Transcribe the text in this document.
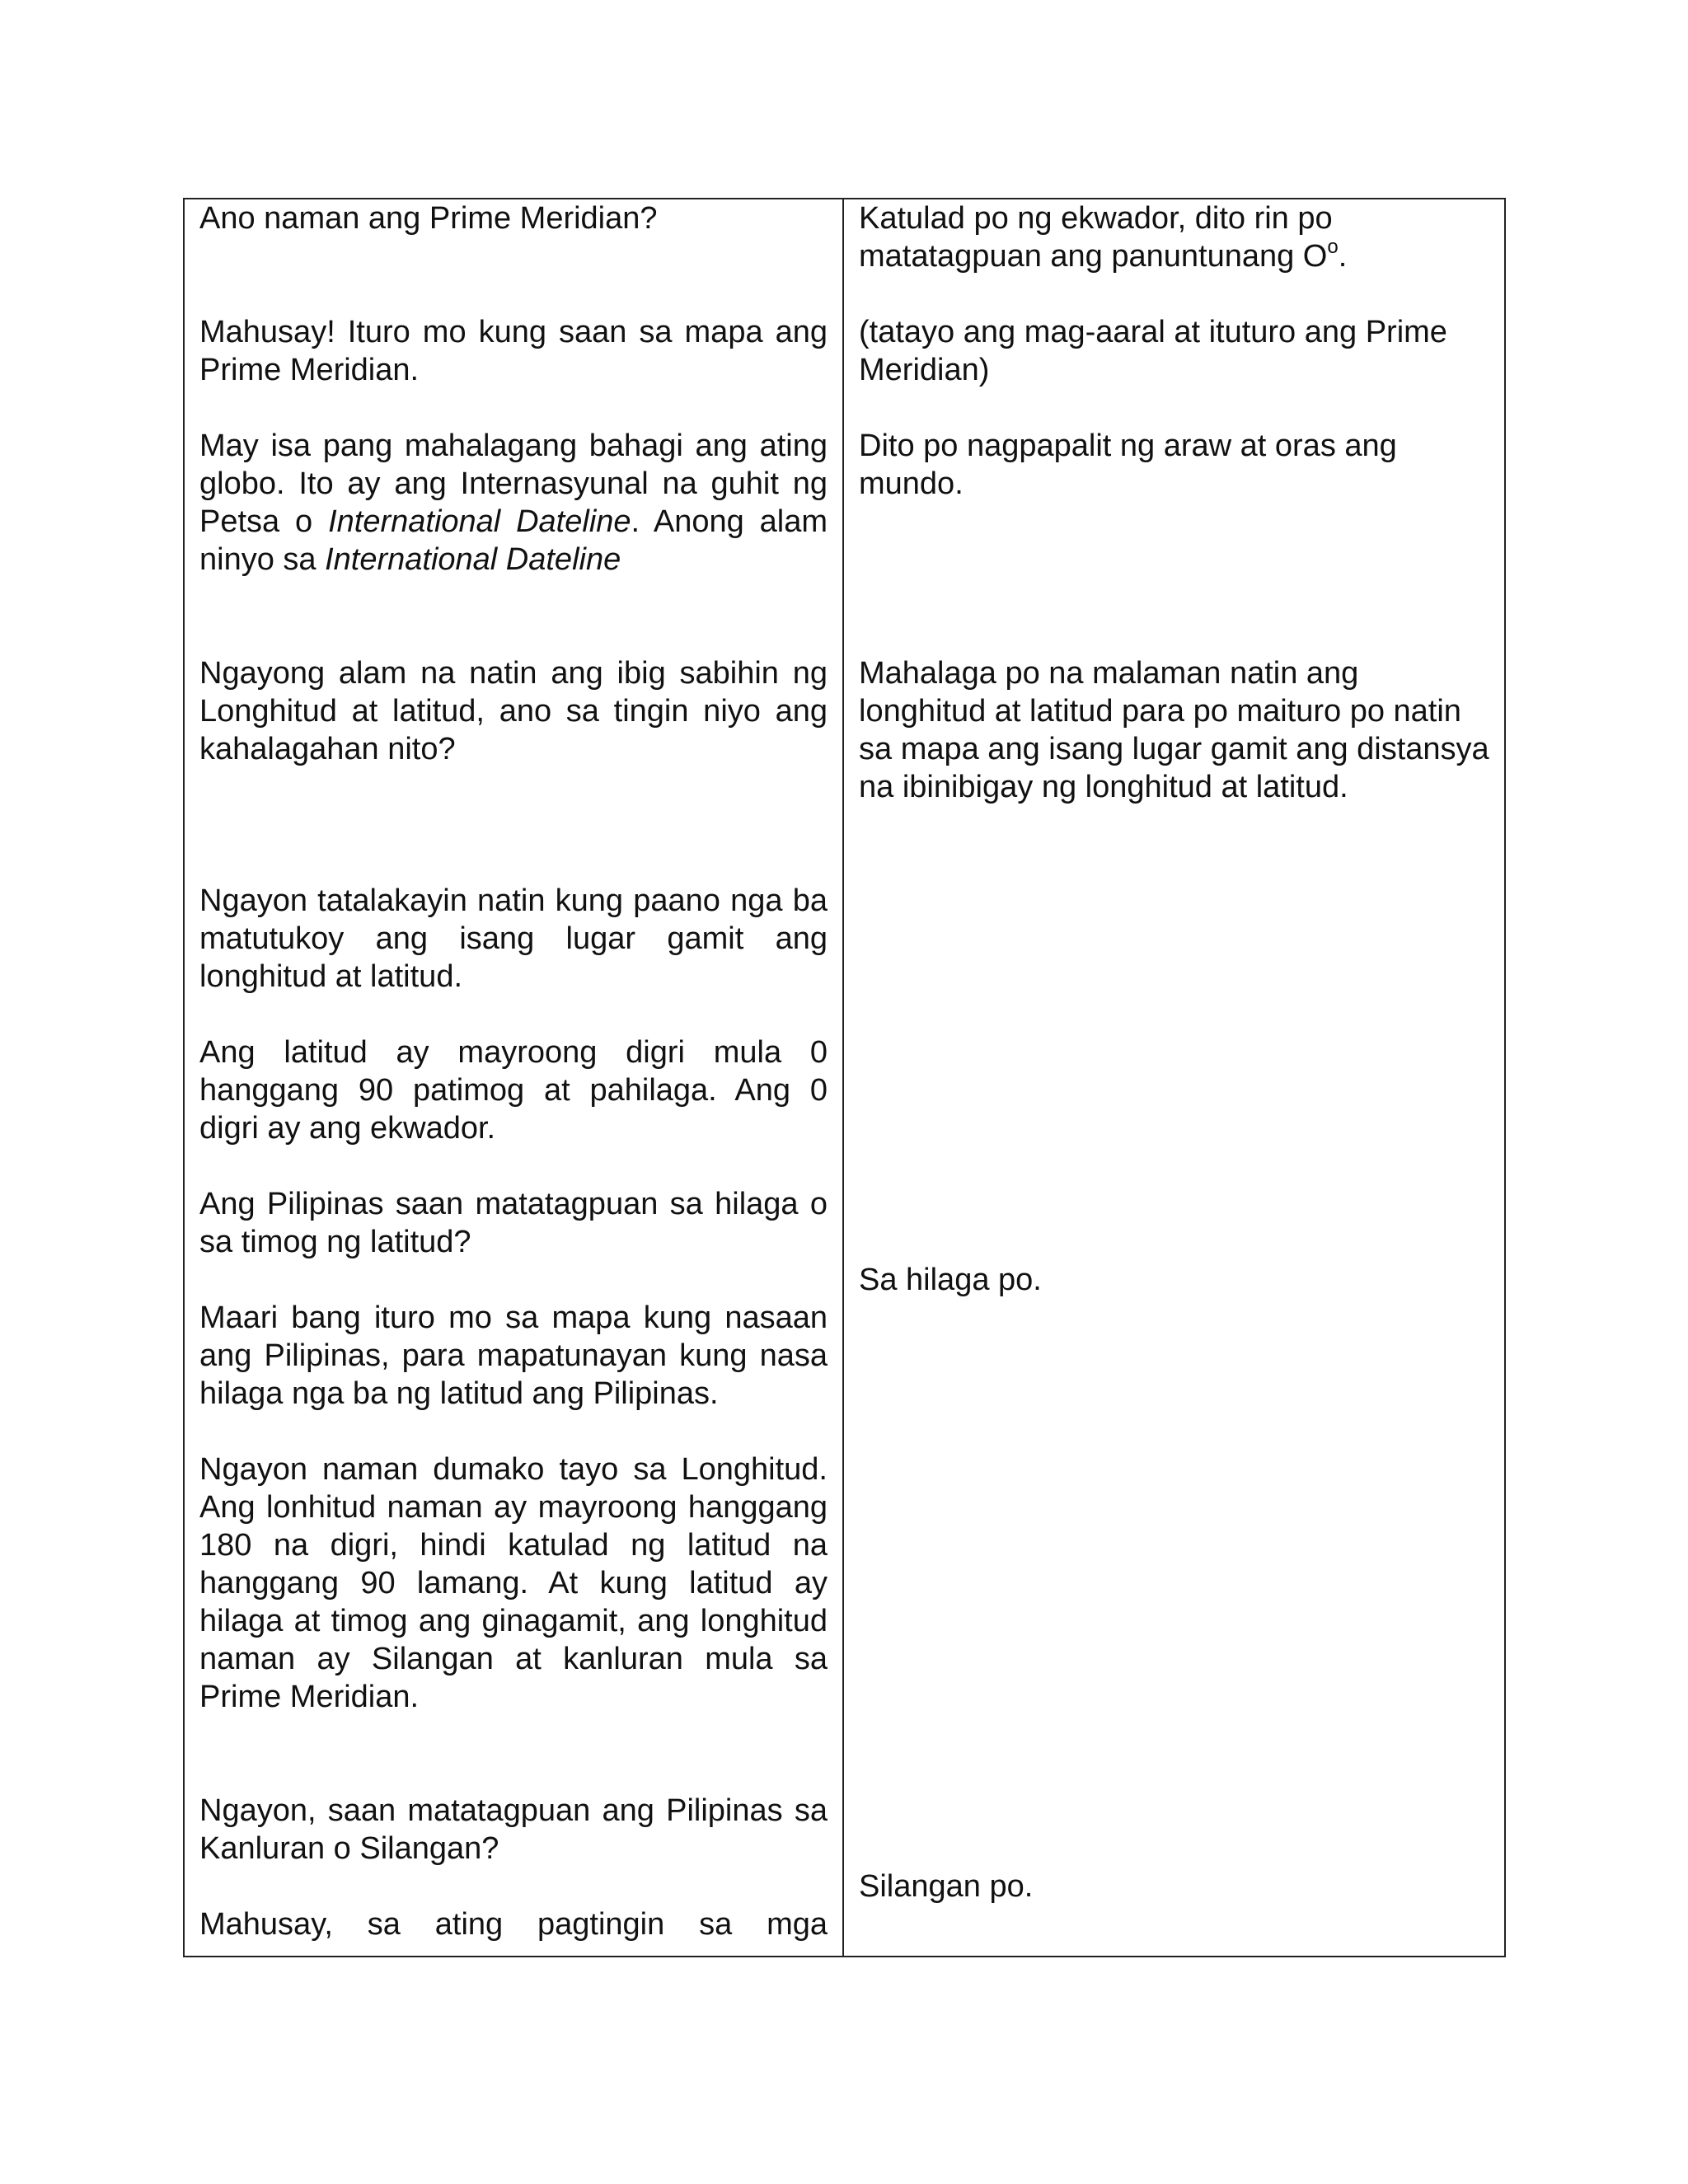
Ano naman ang Prime Meridian?

Mahusay! Ituro mo kung saan sa mapa ang Prime Meridian.

May isa pang mahalagang bahagi ang ating globo. Ito ay ang Internasyunal na guhit ng Petsa o International Dateline. Anong alam ninyo sa International Dateline

Ngayong alam na natin ang ibig sabihin ng Longhitud at latitud, ano sa tingin niyo ang kahalagahan nito?

Ngayon tatalakayin natin kung paano nga ba matutukoy ang isang lugar gamit ang longhitud at latitud.

Ang latitud ay mayroong digri mula 0 hanggang 90 patimog at pahilaga. Ang 0 digri ay ang ekwador.

Ang Pilipinas saan matatagpuan sa hilaga o sa timog ng latitud?

Maari bang ituro mo sa mapa kung nasaan ang Pilipinas, para mapatunayan kung nasa hilaga nga ba ng latitud ang Pilipinas.

Ngayon naman dumako tayo sa Longhitud. Ang lonhitud naman ay mayroong hanggang 180 na digri, hindi katulad ng latitud na hanggang 90 lamang. At kung latitud ay hilaga at timog ang ginagamit, ang longhitud naman ay Silangan at kanluran mula sa Prime Meridian.

Ngayon, saan matatagpuan ang Pilipinas sa Kanluran o Silangan?

Mahusay, sa ating pagtingin sa mga

Katulad po ng ekwador, dito rin po matatagpuan ang panuntunang $O^o$.

(tatayo ang mag-aaral at ituturo ang Prime Meridian)

Dito po nagpapalit ng araw at oras ang mundo.

Mahalaga po na malaman natin ang longhitud at latitud para po maituro po natin sa mapa ang isang lugar gamit ang distansya na ibinibigay ng longhitud at latitud.

Sa hilaga po.

Silangan po.
